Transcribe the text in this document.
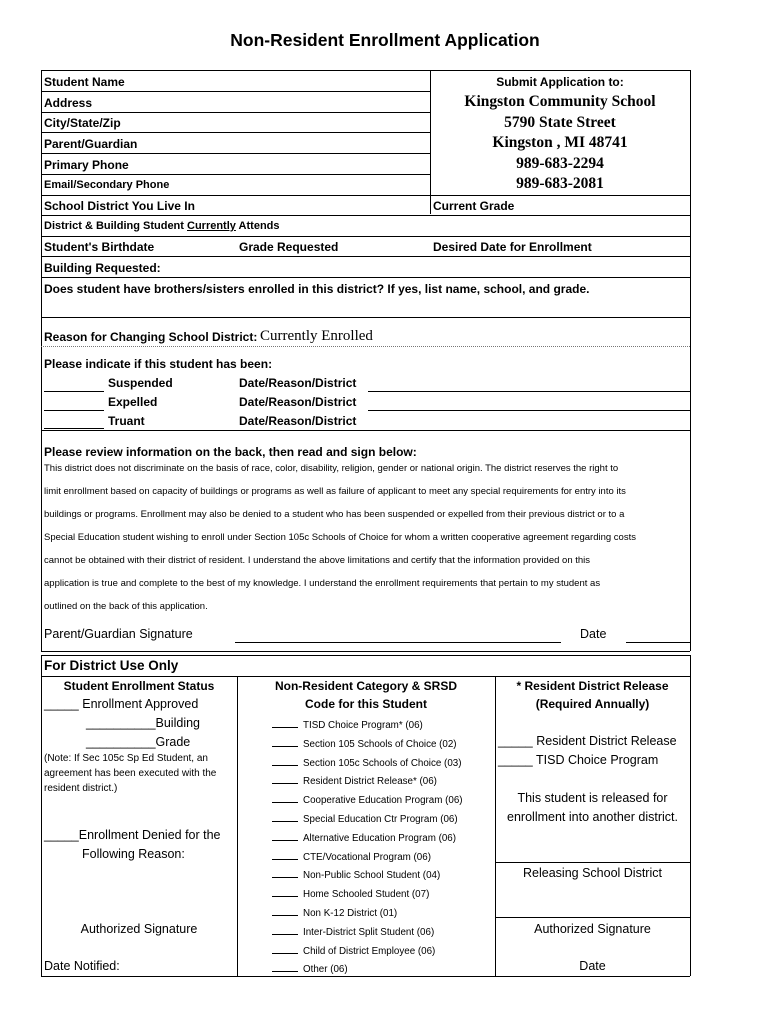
Non-Resident Enrollment Application
Student Name
Address
City/State/Zip
Parent/Guardian
Primary Phone
Email/Secondary Phone
Submit Application to:
Kingston Community School
5790 State Street
Kingston , MI 48741
989-683-2294
989-683-2081
School District You Live In	Current Grade
District & Building Student Currently Attends
Student's Birthdate	Grade Requested	Desired Date for Enrollment
Building Requested:
Does student have brothers/sisters enrolled in this district? If yes, list name, school, and grade.
Reason for Changing School District: Currently Enrolled
Please indicate if this student has been:
Suspended	Date/Reason/District
Expelled	Date/Reason/District
Truant	Date/Reason/District
Please review information on the back, then read and sign below:
This district does not discriminate on the basis of race, color, disability, religion, gender or national origin. The district reserves the right to
limit enrollment based on capacity of buildings or programs as well as failure of applicant to meet any special requirements for entry into its
buildings or programs. Enrollment may also be denied to a student who has been suspended or expelled from their previous district or to a
Special Education student wishing to enroll under Section 105c Schools of Choice for whom a written cooperative agreement regarding costs
cannot be obtained with their district of resident. I understand the above limitations and certify that the information provided on this
application is true and complete to the best of my knowledge. I understand the enrollment requirements that pertain to my student as
outlined on the back of this application.
Parent/Guardian Signature	Date
For District Use Only
Student Enrollment Status
_____ Enrollment Approved
__________Building
__________Grade
(Note: If Sec 105c Sp Ed Student, an
agreement has been executed with the
resident district.)
_____Enrollment Denied for the
Following Reason:
Authorized Signature
Date Notified:
Non-Resident Category & SRSD
Code for this Student
TISD Choice Program* (06)
Section 105 Schools of Choice (02)
Section 105c Schools of Choice (03)
Resident District Release* (06)
Cooperative Education Program (06)
Special Education Ctr Program (06)
Alternative Education Program (06)
CTE/Vocational Program (06)
Non-Public School Student (04)
Home Schooled Student (07)
Non K-12 District (01)
Inter-District Split Student (06)
Child of District Employee (06)
Other (06)
* Resident District Release
(Required Annually)
_____ Resident District Release
_____ TISD Choice Program
This student is released for
enrollment into another district.
Releasing School District
Authorized Signature
Date
